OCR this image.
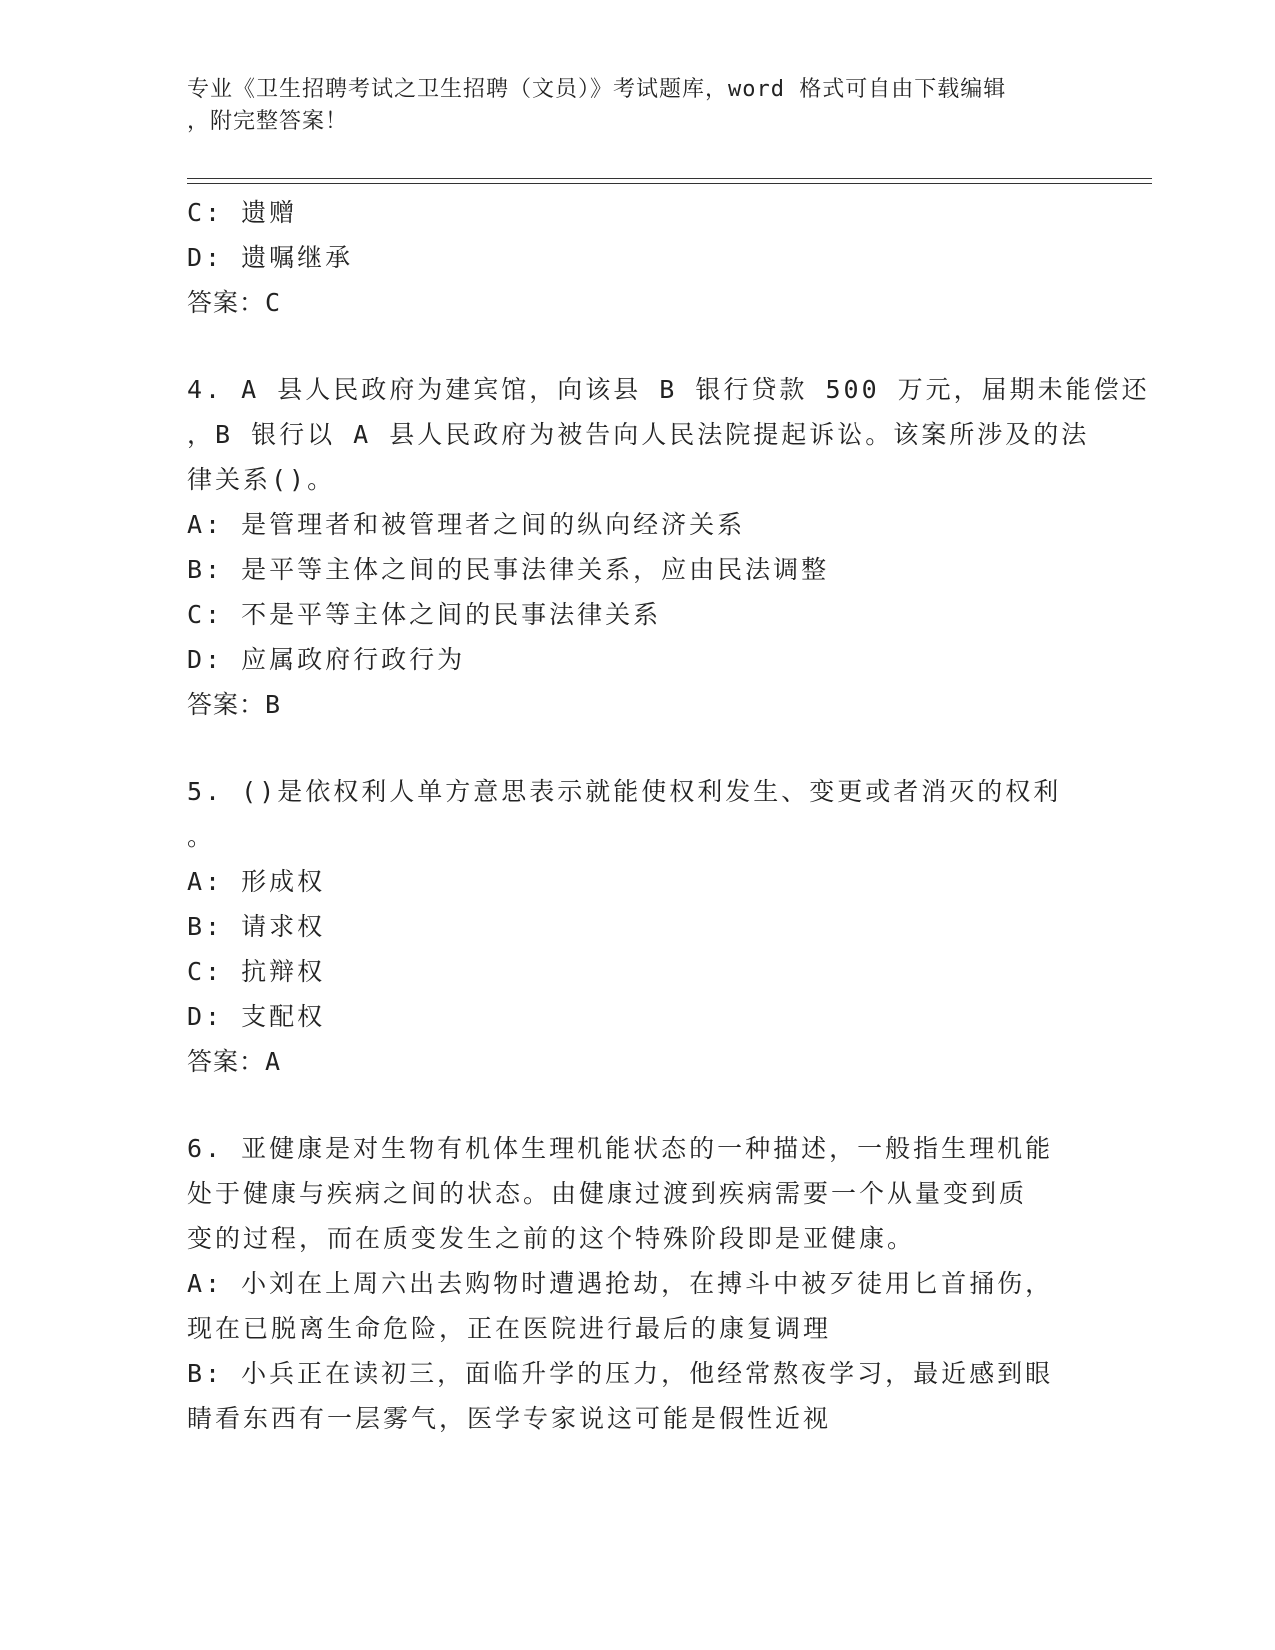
专业《卫生招聘考试之卫生招聘（文员）》考试题库，word 格式可自由下载编辑
，附完整答案！
C: 遗赠
D: 遗嘱继承
答案：C
4. A 县人民政府为建宾馆，向该县 B 银行贷款 500 万元，届期未能偿还
，B 银行以 A 县人民政府为被告向人民法院提起诉讼。该案所涉及的法
律关系()。
A: 是管理者和被管理者之间的纵向经济关系
B: 是平等主体之间的民事法律关系，应由民法调整
C: 不是平等主体之间的民事法律关系
D: 应属政府行政行为
答案：B
5. ()是依权利人单方意思表示就能使权利发生、变更或者消灭的权利
。
A: 形成权
B: 请求权
C: 抗辩权
D: 支配权
答案：A
6. 亚健康是对生物有机体生理机能状态的一种描述，一般指生理机能
处于健康与疾病之间的状态。由健康过渡到疾病需要一个从量变到质
变的过程，而在质变发生之前的这个特殊阶段即是亚健康。
A: 小刘在上周六出去购物时遭遇抢劫，在搏斗中被歹徒用匕首捅伤，
现在已脱离生命危险，正在医院进行最后的康复调理
B: 小兵正在读初三，面临升学的压力，他经常熬夜学习，最近感到眼
睛看东西有一层雾气，医学专家说这可能是假性近视
